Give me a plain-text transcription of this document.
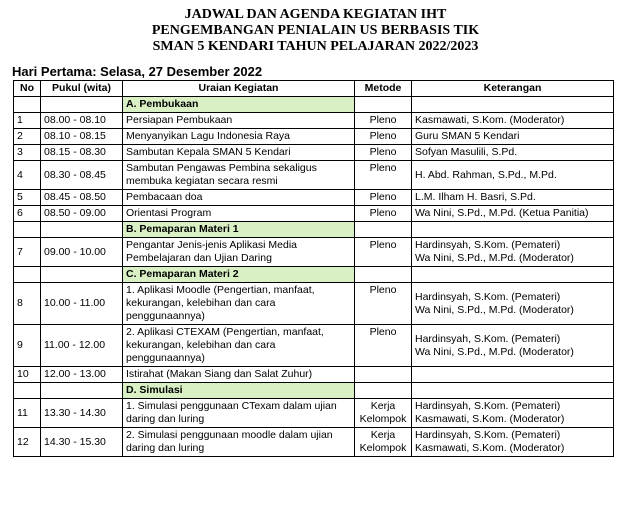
JADWAL DAN AGENDA KEGIATAN IHT
PENGEMBANGAN PENIALAIN US BERBASIS TIK
SMAN 5 KENDARI TAHUN PELAJARAN 2022/2023
Hari Pertama: Selasa, 27 Desember 2022
No	Pukul (wita)	Uraian Kegiatan	Metode	Keterangan
		A. Pembukaan		
1	08.00 - 08.10	Persiapan Pembukaan	Pleno	Kasmawati, S.Kom. (Moderator)
2	08.10 - 08.15	Menyanyikan Lagu Indonesia Raya	Pleno	Guru SMAN 5 Kendari
3	08.15 - 08.30	Sambutan Kepala SMAN 5 Kendari	Pleno	Sofyan Masulili, S.Pd.
4	08.30 - 08.45	Sambutan Pengawas Pembina sekaligus membuka kegiatan secara resmi	Pleno	H. Abd. Rahman, S.Pd., M.Pd.
5	08.45 - 08.50	Pembacaan doa	Pleno	L.M. Ilham H. Basri, S.Pd.
6	08.50 - 09.00	Orientasi Program	Pleno	Wa Nini, S.Pd., M.Pd. (Ketua Panitia)
		B. Pemaparan Materi 1		
7	09.00 - 10.00	Pengantar Jenis-jenis Aplikasi Media Pembelajaran dan Ujian Daring	Pleno	Hardinsyah, S.Kom. (Pemateri)
Wa Nini, S.Pd., M.Pd. (Moderator)

		C. Pemaparan Materi 2		
8	10.00 - 11.00	1. Aplikasi Moodle (Pengertian, manfaat, kekurangan, kelebihan dan cara penggunaannya)	Pleno	Hardinsyah, S.Kom. (Pemateri)
Wa Nini, S.Pd., M.Pd. (Moderator)

9	11.00 - 12.00	2. Aplikasi CTEXAM (Pengertian, manfaat, kekurangan, kelebihan dan cara penggunaannya)	Pleno	Hardinsyah, S.Kom. (Pemateri)
Wa Nini, S.Pd., M.Pd. (Moderator)

10	12.00 - 13.00	Istirahat (Makan Siang dan Salat Zuhur)		
		D. Simulasi		
11	13.30 - 14.30	1. Simulasi penggunaan CTexam dalam ujian daring dan luring	Kerja Kelompok	Hardinsyah, S.Kom. (Pemateri)
Kasmawati, S.Kom. (Moderator)

12	14.30 - 15.30	2. Simulasi penggunaan moodle dalam ujian daring dan luring	Kerja Kelompok	Hardinsyah, S.Kom. (Pemateri)
Kasmawati, S.Kom. (Moderator)
